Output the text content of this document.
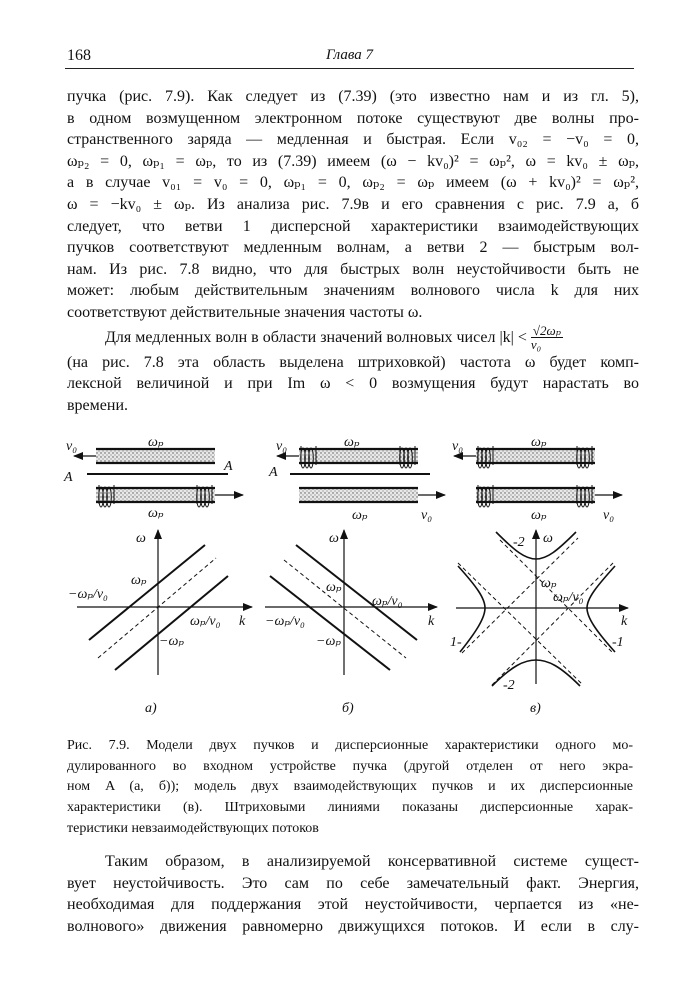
168	Глава 7
пучка (рис. 7.9). Как следует из (7.39) (это известно нам и из гл. 5),
в одном возмущенном электронном потоке существуют две волны про-
странственного заряда — медленная и быстрая. Если v₀₂ = −v₀ = 0,
ωₚ₂ = 0, ωₚ₁ = ωₚ, то из (7.39) имеем (ω − kv₀)² = ωₚ², ω = kv₀ ± ωₚ,
а в случае v₀₁ = v₀ = 0, ωₚ₁ = 0, ωₚ₂ = ωₚ имеем (ω + kv₀)² = ωₚ²,
ω = −kv₀ ± ωₚ. Из анализа рис. 7.9в и его сравнения с рис. 7.9 а, б
следует, что ветви 1 дисперсной характеристики взаимодействующих
пучков соответствуют медленным волнам, а ветви 2 — быстрым вол-
нам. Из рис. 7.8 видно, что для быстрых волн неустойчивости быть не
может: любым действительным значениям волнового числа k для них
соответствуют действительные значения частоты ω.
Для медленных волн в области значений волновых чисел $|k| < \frac{\text{√2ωₚ}}{\text{v₀}}$
(на рис. 7.8 эта область выделена штриховкой) частота ω будет комп-
лексной величиной и при Im ω < 0 возмущения будут нарастать во
времени.
v₀	ωₚ
A
A
ωₚ
ω
ωₚ
−ωₚ/v₀
ωₚ/v₀ k
−ωₚ
а)
v₀	ωₚ
A
ωₚ	v₀
ω
ωₚ
ωₚ/v₀
−ωₚ/v₀	k
−ωₚ
б)
v₀	ωₚ
ωₚ	v₀
ω
ωₚ
ωₚ/v₀
k
-2
-2
1-	-1
в)
Рис. 7.9. Модели двух пучков и дисперсионные характеристики одного мо-
дулированного во входном устройстве пучка (другой отделен от него экра-
ном A (а, б)); модель двух взаимодействующих пучков и их дисперсионные
характеристики (в). Штриховыми линиями показаны дисперсионные харак-
теристики невзаимодействующих потоков
Таким образом, в анализируемой консервативной системе сущест-
вует неустойчивость. Это сам по себе замечательный факт. Энергия,
необходимая для поддержания этой неустойчивости, черпается из «не-
волнового» движения равномерно движущихся потоков. И если в слу-
